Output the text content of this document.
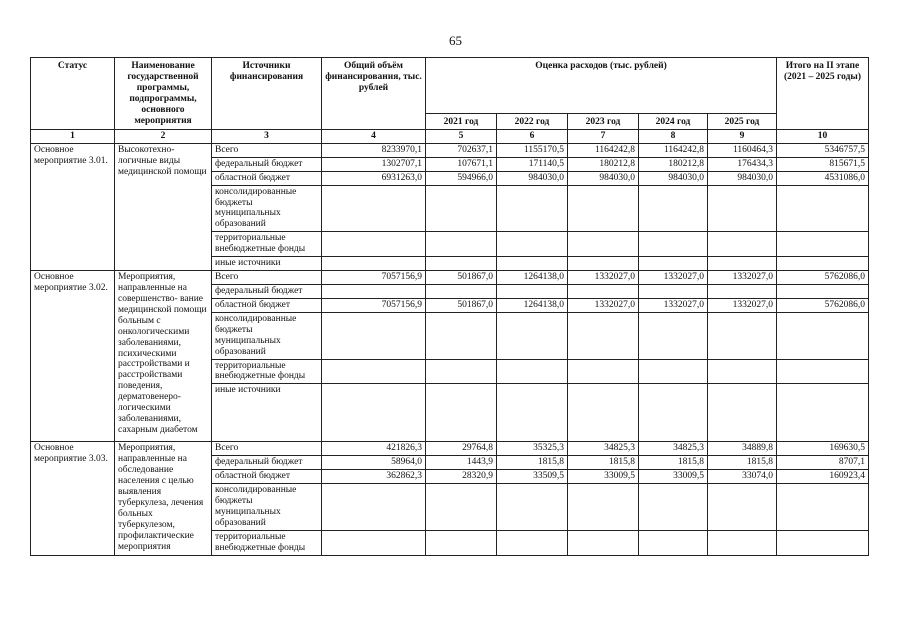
65
Статус	Наименование государственной программы, подпрограммы, основного мероприятия	Источники финансирования	Общий объём финансирования, тыс. рублей	Оценка расходов (тыс. рублей)					Итого на II этапе (2021 – 2025 годы)
				2021 год	2022 год	2023 год	2024 год	2025 год	
1	2	3	4	5	6	7	8	9	10
Основное мероприятие 3.01.	Высокотехно- логичные виды медицинской помощи	Всего	8233970,1	702637,1	1155170,5	1164242,8	1164242,8	1160464,3	5346757,5
		федеральный бюджет	1302707,1	107671,1	171140,5	180212,8	180212,8	176434,3	815671,5
		областной бюджет	6931263,0	594966,0	984030,0	984030,0	984030,0	984030,0	4531086,0
		консолидированные бюджеты муниципальных образований							
		территориальные внебюджетные фонды							
		иные источники							
Основное мероприятие 3.02.	Мероприятия, направленные на совершенство- вание медицинской помощи больным с онкологическими заболеваниями, психическими расстройствами и расстройствами поведения, дерматовенеро- логическими заболеваниями, сахарным диабетом	Всего	7057156,9	501867,0	1264138,0	1332027,0	1332027,0	1332027,0	5762086,0
		федеральный бюджет							
		областной бюджет	7057156,9	501867,0	1264138,0	1332027,0	1332027,0	1332027,0	5762086,0
		консолидированные бюджеты муниципальных образований							
		территориальные внебюджетные фонды							
		иные источники							
Основное мероприятие 3.03.	Мероприятия, направленные на обследование населения с целью выявления туберкулеза, лечения больных туберкулезом, профилактические мероприятия	Всего	421826,3	29764,8	35325,3	34825,3	34825,3	34889,8	169630,5
		федеральный бюджет	58964,0	1443,9	1815,8	1815,8	1815,8	1815,8	8707,1
		областной бюджет	362862,3	28320,9	33509,5	33009,5	33009,5	33074,0	160923,4
		консолидированные бюджеты муниципальных образований							
		территориальные внебюджетные фонды							
